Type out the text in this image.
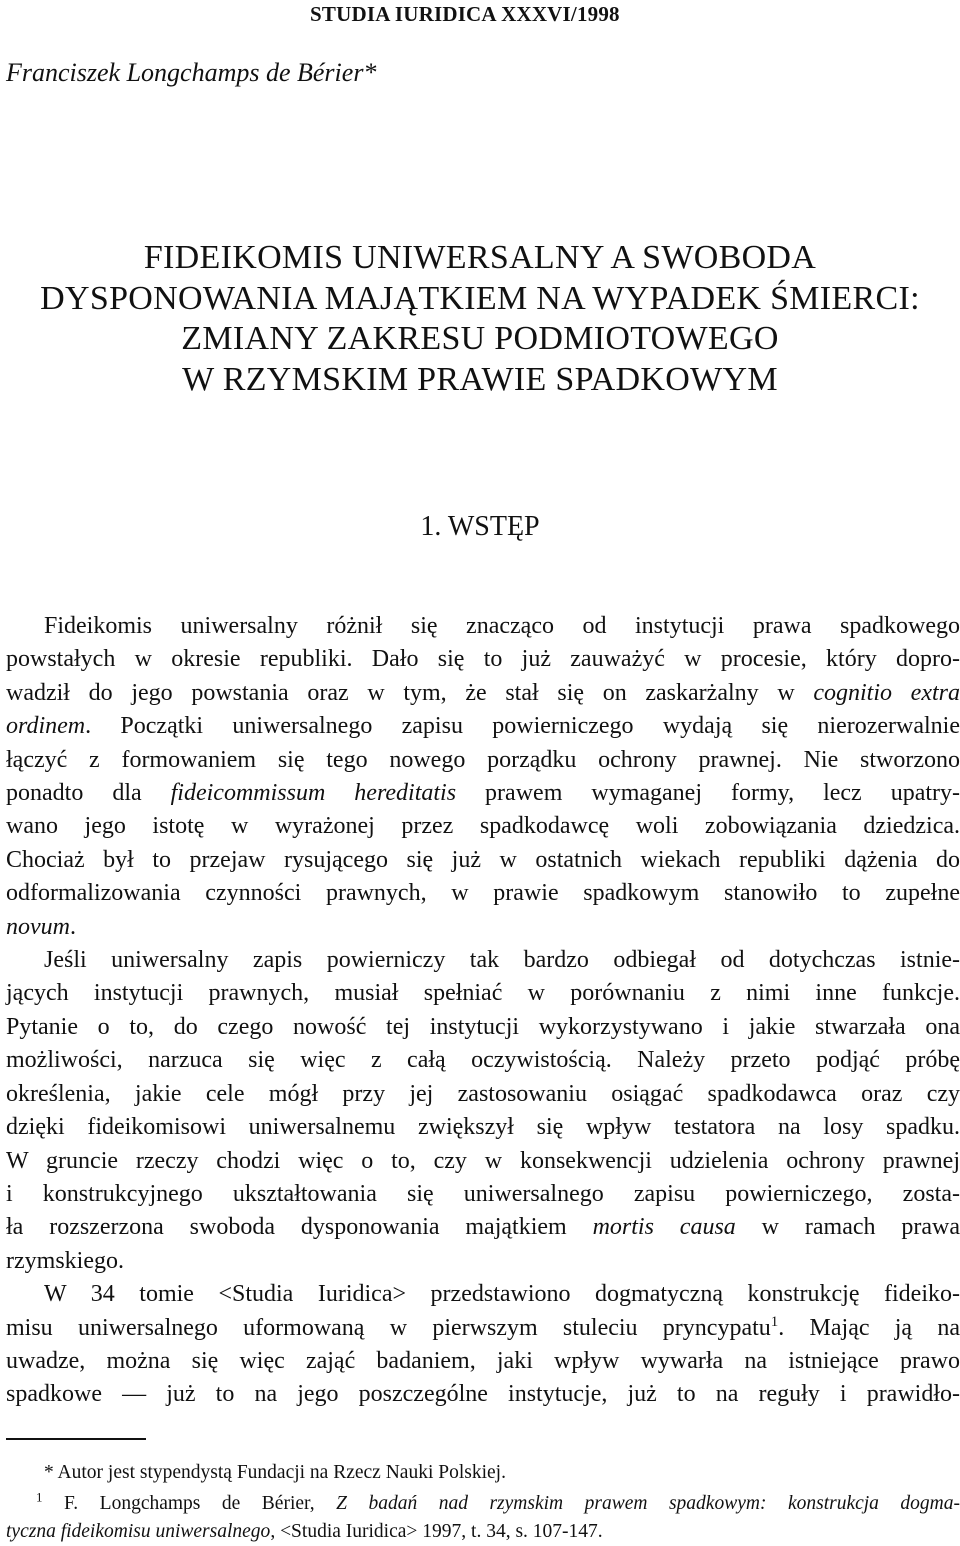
STUDIA IURIDICA XXXVI/1998
Franciszek Longchamps de Bérier*
FIDEIKOMIS UNIWERSALNY A SWOBODA
DYSPONOWANIA MAJĄTKIEM NA WYPADEK ŚMIERCI:
ZMIANY ZAKRESU PODMIOTOWEGO
W RZYMSKIM PRAWIE SPADKOWYM
1. WSTĘP
Fideikomis uniwersalny różnił się znacząco od instytucji prawa spadkowego
powstałych w okresie republiki. Dało się to już zauważyć w procesie, który dopro-
wadził do jego powstania oraz w tym, że stał się on zaskarżalny w cognitio extra
ordinem. Początki uniwersalnego zapisu powierniczego wydają się nierozerwalnie
łączyć z formowaniem się tego nowego porządku ochrony prawnej. Nie stworzono
ponadto dla fideicommissum hereditatis prawem wymaganej formy, lecz upatry-
wano jego istotę w wyrażonej przez spadkodawcę woli zobowiązania dziedzica.
Chociaż był to przejaw rysującego się już w ostatnich wiekach republiki dążenia do
odformalizowania czynności prawnych, w prawie spadkowym stanowiło to zupełne
novum.
Jeśli uniwersalny zapis powierniczy tak bardzo odbiegał od dotychczas istnie-
jących instytucji prawnych, musiał spełniać w porównaniu z nimi inne funkcje.
Pytanie o to, do czego nowość tej instytucji wykorzystywano i jakie stwarzała ona
możliwości, narzuca się więc z całą oczywistością. Należy przeto podjąć próbę
określenia, jakie cele mógł przy jej zastosowaniu osiągać spadkodawca oraz czy
dzięki fideikomisowi uniwersalnemu zwiększył się wpływ testatora na losy spadku.
W gruncie rzeczy chodzi więc o to, czy w konsekwencji udzielenia ochrony prawnej
i konstrukcyjnego ukształtowania się uniwersalnego zapisu powierniczego, zosta-
ła rozszerzona swoboda dysponowania majątkiem mortis causa w ramach prawa
rzymskiego.
W 34 tomie <Studia Iuridica> przedstawiono dogmatyczną konstrukcję fideiko-
misu uniwersalnego uformowaną w pierwszym stuleciu pryncypatu$^1$. Mając ją na
uwadze, można się więc zająć badaniem, jaki wpływ wywarła na istniejące prawo
spadkowe — już to na jego poszczególne instytucje, już to na reguły i prawidło-
* Autor jest stypendystą Fundacji na Rzecz Nauki Polskiej.
$^1$ F. Longchamps de Bérier, Z badań nad rzymskim prawem spadkowym: konstrukcja dogma-
tyczna fideikomisu uniwersalnego, <Studia Iuridica> 1997, t. 34, s. 107-147.
